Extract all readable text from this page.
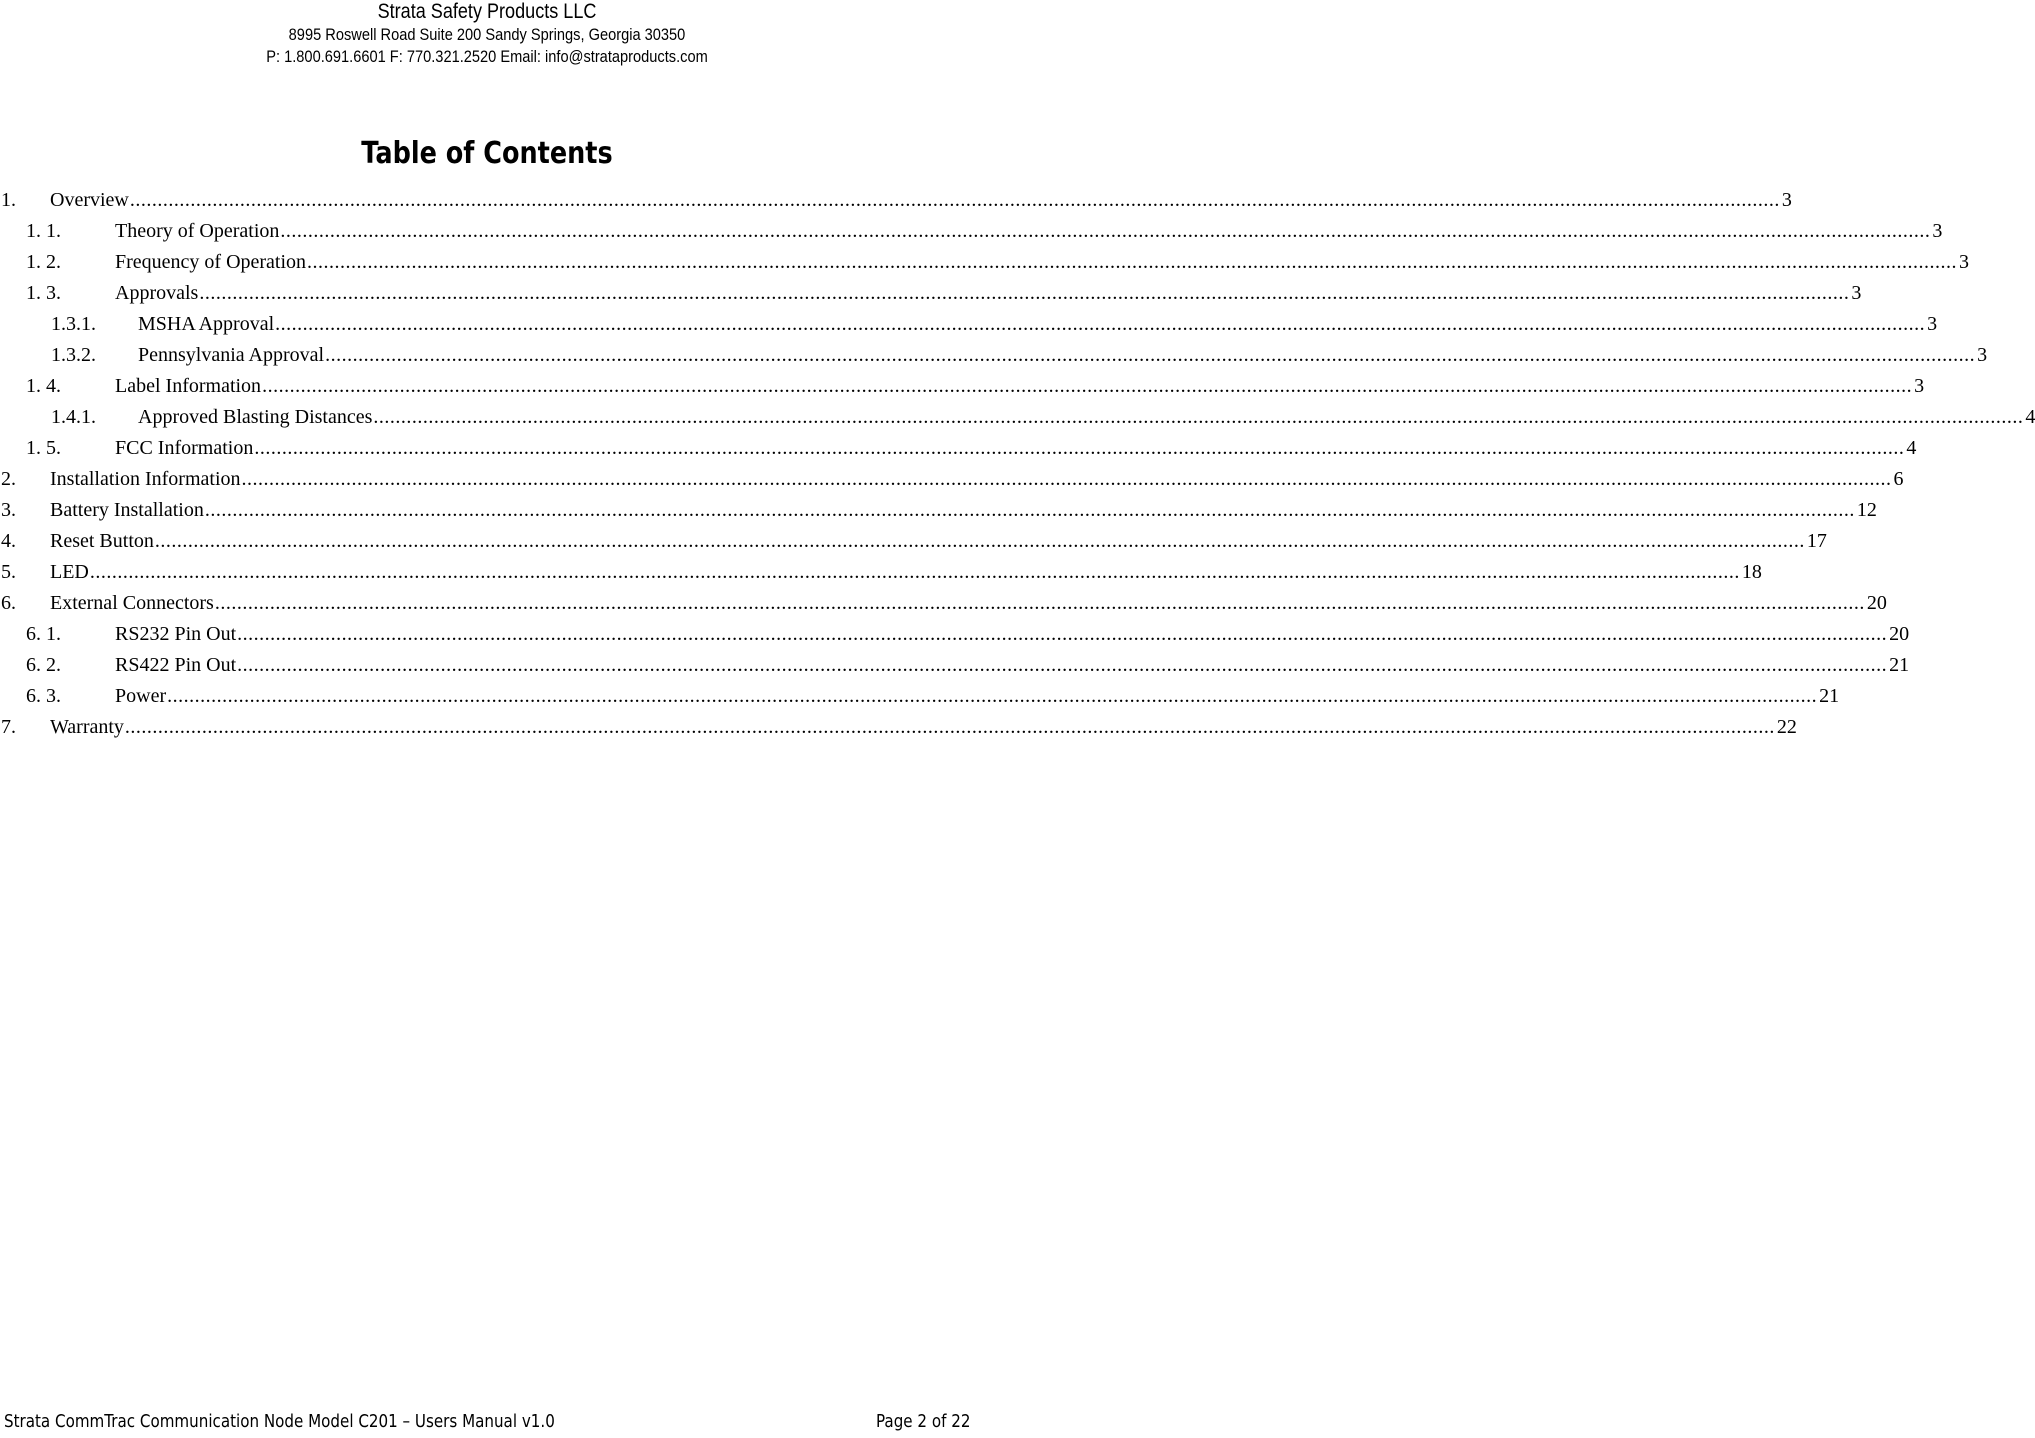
Strata Safety Products LLC
8995 Roswell Road Suite 200 Sandy Springs, Georgia 30350
P: 1.800.691.6601 F: 770.321.2520 Email: info@strataproducts.com
Table of Contents
1. Overview ............................................................................................................................................................................................................................................................................................................ 3
1. 1.	Theory of Operation ............................................................................................................................................................................................................................................................................................................ 3
1. 2.	Frequency of Operation ............................................................................................................................................................................................................................................................................................................ 3
1. 3.	Approvals ............................................................................................................................................................................................................................................................................................................ 3
1.3.1. MSHA Approval ............................................................................................................................................................................................................................................................................................................ 3
1.3.2. Pennsylvania Approval ............................................................................................................................................................................................................................................................................................................ 3
1. 4.	Label Information ............................................................................................................................................................................................................................................................................................................ 3
1.4.1. Approved Blasting Distances ............................................................................................................................................................................................................................................................................................................ 4
1. 5.	FCC Information ............................................................................................................................................................................................................................................................................................................ 4
2. Installation Information ............................................................................................................................................................................................................................................................................................................ 6
3. Battery Installation ............................................................................................................................................................................................................................................................................................................ 12
4. Reset Button ............................................................................................................................................................................................................................................................................................................ 17
5. LED ............................................................................................................................................................................................................................................................................................................ 18
6. External Connectors ............................................................................................................................................................................................................................................................................................................ 20
6. 1.	RS232 Pin Out ............................................................................................................................................................................................................................................................................................................ 20
6. 2.	RS422 Pin Out ............................................................................................................................................................................................................................................................................................................ 21
6. 3.	Power ............................................................................................................................................................................................................................................................................................................ 21
7. Warranty ............................................................................................................................................................................................................................................................................................................ 22
Strata CommTrac Communication Node Model C201 – Users Manual v1.0	Page 2 of 22
